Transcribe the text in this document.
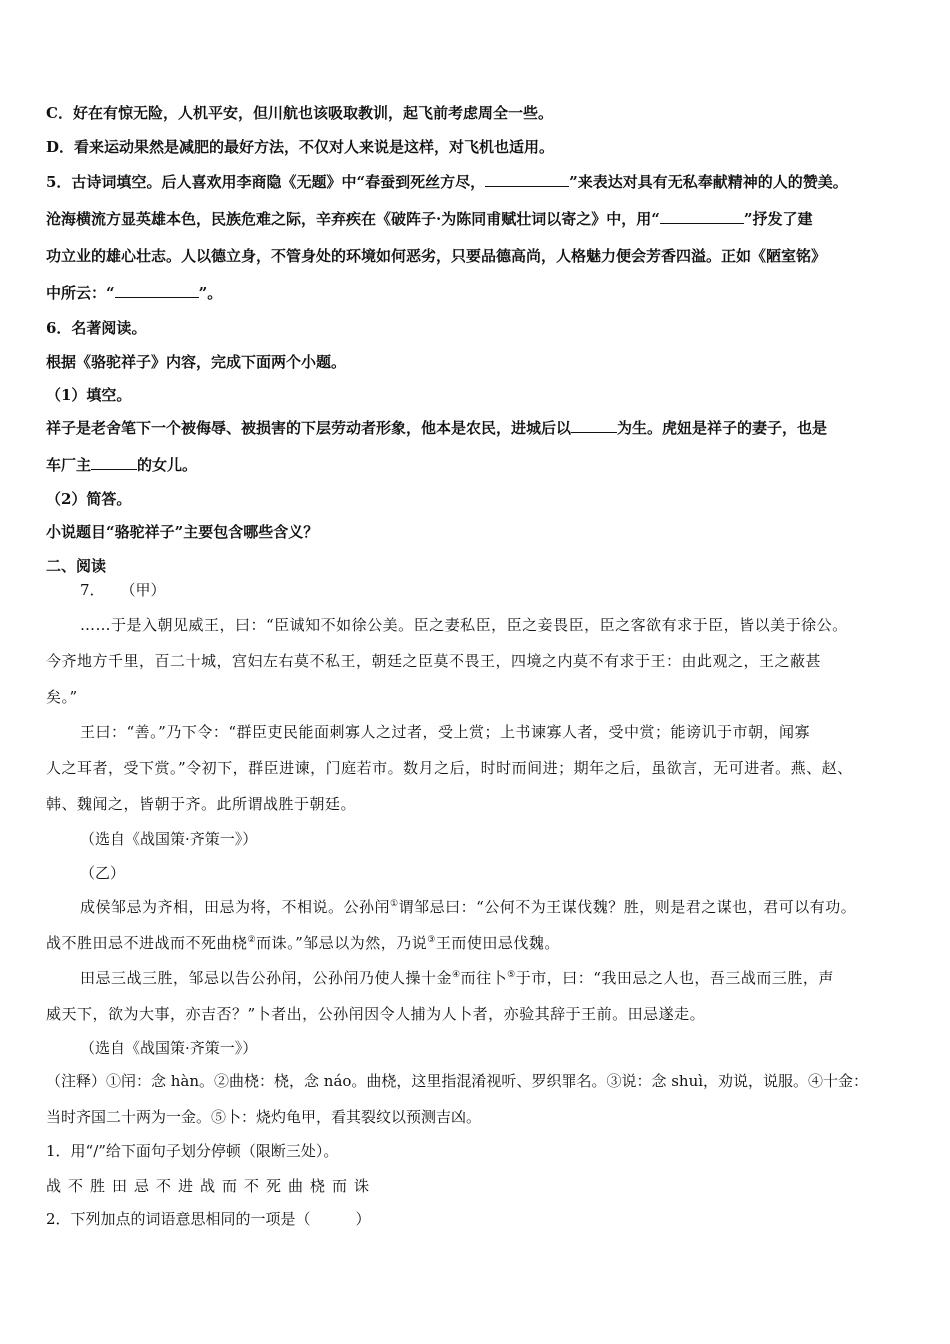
C．好在有惊无险，人机平安，但川航也该吸取教训，起飞前考虑周全一些。
D．看来运动果然是减肥的最好方法，不仅对人来说是这样，对飞机也适用。
5．古诗词填空。后人喜欢用李商隐《无题》中“春蚕到死丝方尽，	”来表达对具有无私奉献精神的人的赞美。
沧海横流方显英雄本色，民族危难之际，辛弃疾在《破阵子·为陈同甫赋壮词以寄之》中，用“	”抒发了建
功立业的雄心壮志。人以德立身，不管身处的环境如何恶劣，只要品德高尚，人格魅力便会芳香四溢。正如《陋室铭》
中所云：“	”。
6．名著阅读。
根据《骆驼祥子》内容，完成下面两个小题。
（1）填空。
祥子是老舍笔下一个被侮辱、被损害的下层劳动者形象，他本是农民，进城后以	为生。虎妞是祥子的妻子，也是
车厂主	的女儿。
（2）简答。
小说题目“骆驼祥子”主要包含哪些含义？
二、阅读
7． （甲）
……于是入朝见威王，曰：“臣诚知不如徐公美。臣之妻私臣，臣之妾畏臣，臣之客欲有求于臣，皆以美于徐公。
今齐地方千里，百二十城，宫妇左右莫不私王，朝廷之臣莫不畏王，四境之内莫不有求于王：由此观之，王之蔽甚
矣。”
王曰：“善。”乃下令：“群臣吏民能面刺寡人之过者，受上赏；上书谏寡人者，受中赏；能谤讥于市朝，闻寡
人之耳者，受下赏。”令初下，群臣进谏，门庭若市。数月之后，时时而间进；期年之后，虽欲言，无可进者。燕、赵、
韩、魏闻之，皆朝于齐。此所谓战胜于朝廷。
（选自《战国策·齐策一》）
（乙）
成侯邹忌为齐相，田忌为将，不相说。公孙闬①谓邹忌曰：“公何不为王谋伐魏？胜，则是君之谋也，君可以有功。
战不胜田忌不进战而不死曲桡②而诛。”邹忌以为然，乃说③王而使田忌伐魏。
田忌三战三胜，邹忌以告公孙闬，公孙闬乃使人操十金④而往卜⑤于市，曰：“我田忌之人也，吾三战而三胜，声
威天下，欲为大事，亦吉否？”卜者出，公孙闬因令人捕为人卜者，亦验其辞于王前。田忌遂走。
（选自《战国策·齐策一》）
（注释）①闬：念 hàn。②曲桡：桡，念 náo。曲桡，这里指混淆视听、罗织罪名。③说：念 shuì，劝说，说服。④十金：
当时齐国二十两为一金。⑤卜：烧灼龟甲，看其裂纹以预测吉凶。
1．用“/”给下面句子划分停顿（限断三处）。
战不胜田忌不进战而不死曲桡而诛
2．下列加点的词语意思相同的一项是（　　　）
